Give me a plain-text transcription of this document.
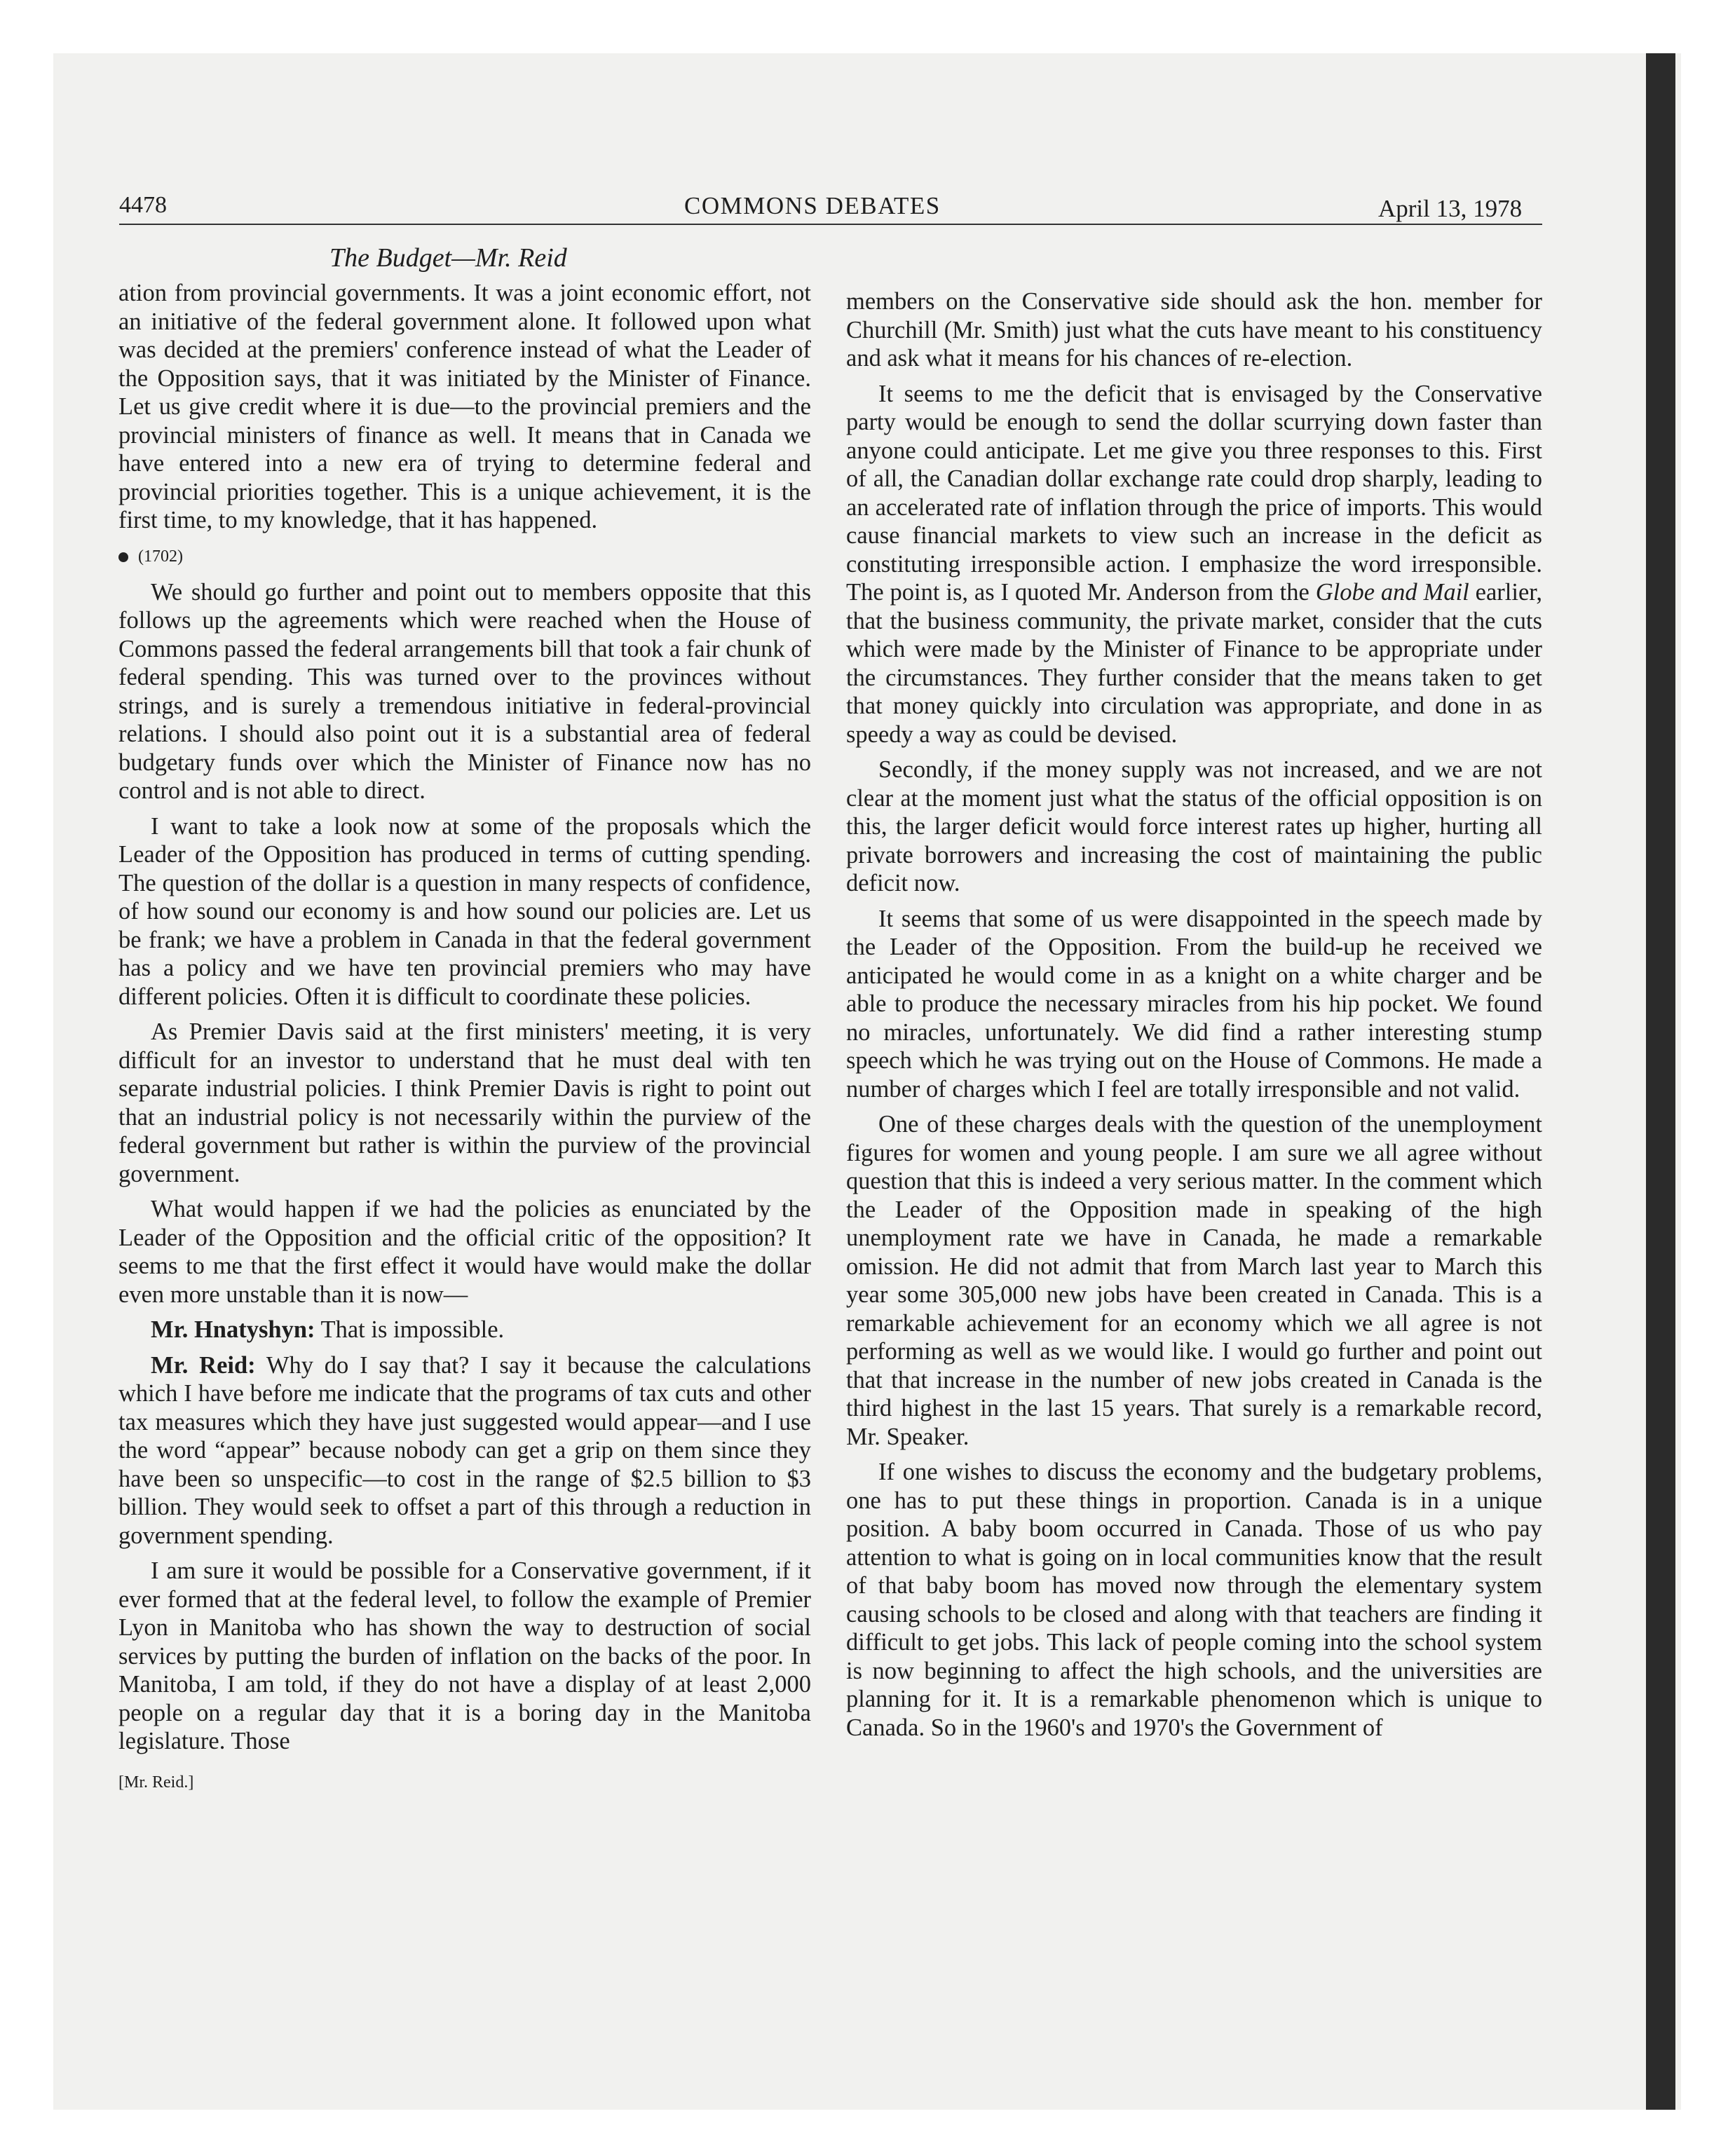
4478	COMMONS DEBATES	April 13, 1978
The Budget—Mr. Reid

ation from provincial governments. It was a joint economic effort, not an initiative of the federal government alone. It followed upon what was decided at the premiers' conference instead of what the Leader of the Opposition says, that it was initiated by the Minister of Finance. Let us give credit where it is due—to the provincial premiers and the provincial ministers of finance as well. It means that in Canada we have entered into a new era of trying to determine federal and provincial priorities together. This is a unique achievement, it is the first time, to my knowledge, that it has happened.

(1702)

We should go further and point out to members opposite that this follows up the agreements which were reached when the House of Commons passed the federal arrangements bill that took a fair chunk of federal spending. This was turned over to the provinces without strings, and is surely a tremendous initiative in federal-provincial relations. I should also point out it is a substantial area of federal budgetary funds over which the Minister of Finance now has no control and is not able to direct.

I want to take a look now at some of the proposals which the Leader of the Opposition has produced in terms of cutting spending. The question of the dollar is a question in many respects of confidence, of how sound our economy is and how sound our policies are. Let us be frank; we have a problem in Canada in that the federal government has a policy and we have ten provincial premiers who may have different policies. Often it is difficult to coordinate these policies.

As Premier Davis said at the first ministers' meeting, it is very difficult for an investor to understand that he must deal with ten separate industrial policies. I think Premier Davis is right to point out that an industrial policy is not necessarily within the purview of the federal government but rather is within the purview of the provincial government.

What would happen if we had the policies as enunciated by the Leader of the Opposition and the official critic of the opposition? It seems to me that the first effect it would have would make the dollar even more unstable than it is now—

Mr. Hnatyshyn: That is impossible.

Mr. Reid: Why do I say that? I say it because the calculations which I have before me indicate that the programs of tax cuts and other tax measures which they have just suggested would appear—and I use the word “appear” because nobody can get a grip on them since they have been so unspecific—to cost in the range of $2.5 billion to $3 billion. They would seek to offset a part of this through a reduction in government spending.

I am sure it would be possible for a Conservative government, if it ever formed that at the federal level, to follow the example of Premier Lyon in Manitoba who has shown the way to destruction of social services by putting the burden of inflation on the backs of the poor. In Manitoba, I am told, if they do not have a display of at least 2,000 people on a regular day that it is a boring day in the Manitoba legislature. Those

[Mr. Reid.]

members on the Conservative side should ask the hon. member for Churchill (Mr. Smith) just what the cuts have meant to his constituency and ask what it means for his chances of re-election.

It seems to me the deficit that is envisaged by the Conservative party would be enough to send the dollar scurrying down faster than anyone could anticipate. Let me give you three responses to this. First of all, the Canadian dollar exchange rate could drop sharply, leading to an accelerated rate of inflation through the price of imports. This would cause financial markets to view such an increase in the deficit as constituting irresponsible action. I emphasize the word irresponsible. The point is, as I quoted Mr. Anderson from the Globe and Mail earlier, that the business community, the private market, consider that the cuts which were made by the Minister of Finance to be appropriate under the circumstances. They further consider that the means taken to get that money quickly into circulation was appropriate, and done in as speedy a way as could be devised.

Secondly, if the money supply was not increased, and we are not clear at the moment just what the status of the official opposition is on this, the larger deficit would force interest rates up higher, hurting all private borrowers and increasing the cost of maintaining the public deficit now.

It seems that some of us were disappointed in the speech made by the Leader of the Opposition. From the build-up he received we anticipated he would come in as a knight on a white charger and be able to produce the necessary miracles from his hip pocket. We found no miracles, unfortunately. We did find a rather interesting stump speech which he was trying out on the House of Commons. He made a number of charges which I feel are totally irresponsible and not valid.

One of these charges deals with the question of the unemployment figures for women and young people. I am sure we all agree without question that this is indeed a very serious matter. In the comment which the Leader of the Opposition made in speaking of the high unemployment rate we have in Canada, he made a remarkable omission. He did not admit that from March last year to March this year some 305,000 new jobs have been created in Canada. This is a remarkable achievement for an economy which we all agree is not performing as well as we would like. I would go further and point out that that increase in the number of new jobs created in Canada is the third highest in the last 15 years. That surely is a remarkable record, Mr. Speaker.

If one wishes to discuss the economy and the budgetary problems, one has to put these things in proportion. Canada is in a unique position. A baby boom occurred in Canada. Those of us who pay attention to what is going on in local communities know that the result of that baby boom has moved now through the elementary system causing schools to be closed and along with that teachers are finding it difficult to get jobs. This lack of people coming into the school system is now beginning to affect the high schools, and the universities are planning for it. It is a remarkable phenomenon which is unique to Canada. So in the 1960's and 1970's the Government of
